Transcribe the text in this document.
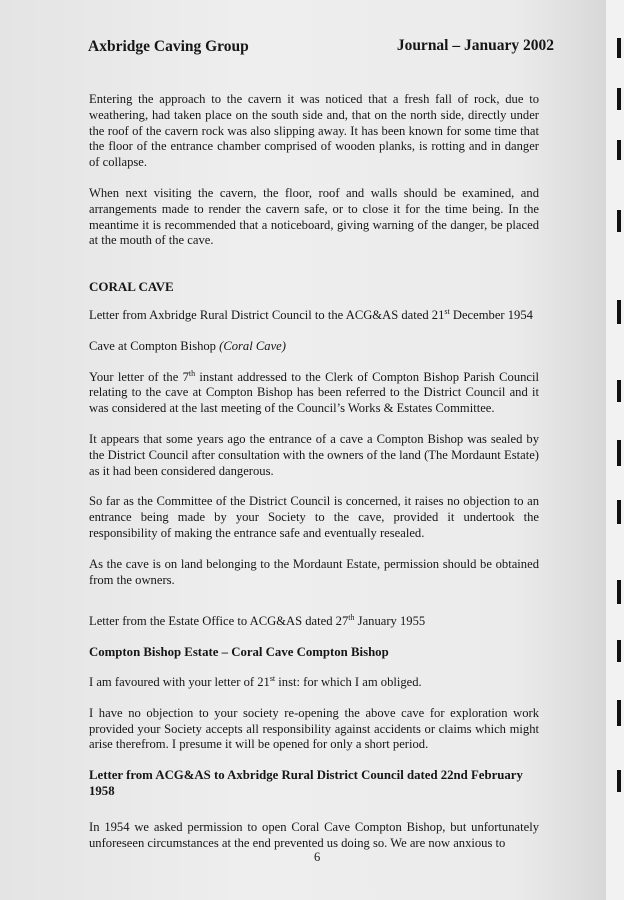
Axbridge Caving Group	Journal – January 2002

Entering the approach to the cavern it was noticed that a fresh fall of rock, due to weathering, had taken place on the south side and, that on the north side, directly under the roof of the cavern rock was also slipping away. It has been known for some time that the floor of the entrance chamber comprised of wooden planks, is rotting and in danger of collapse.

When next visiting the cavern, the floor, roof and walls should be examined, and arrangements made to render the cavern safe, or to close it for the time being. In the meantime it is recommended that a noticeboard, giving warning of the danger, be placed at the mouth of the cave.

CORAL CAVE

Letter from Axbridge Rural District Council to the ACG&AS dated 21st December 1954

Cave at Compton Bishop (Coral Cave)

Your letter of the 7th instant addressed to the Clerk of Compton Bishop Parish Council relating to the cave at Compton Bishop has been referred to the District Council and it was considered at the last meeting of the Council’s Works & Estates Committee.

It appears that some years ago the entrance of a cave a Compton Bishop was sealed by the District Council after consultation with the owners of the land (The Mordaunt Estate) as it had been considered dangerous.

So far as the Committee of the District Council is concerned, it raises no objection to an entrance being made by your Society to the cave, provided it undertook the responsibility of making the entrance safe and eventually resealed.

As the cave is on land belonging to the Mordaunt Estate, permission should be obtained from the owners.

Letter from the Estate Office to ACG&AS dated 27th January 1955

Compton Bishop Estate – Coral Cave Compton Bishop

I am favoured with your letter of 21st inst: for which I am obliged.

I have no objection to your society re-opening the above cave for exploration work provided your Society accepts all responsibility against accidents or claims which might arise therefrom. I presume it will be opened for only a short period.

Letter from ACG&AS to Axbridge Rural District Council dated 22nd February 1958

In 1954 we asked permission to open Coral Cave Compton Bishop, but unfortunately unforeseen circumstances at the end prevented us doing so. We are now anxious to

6
